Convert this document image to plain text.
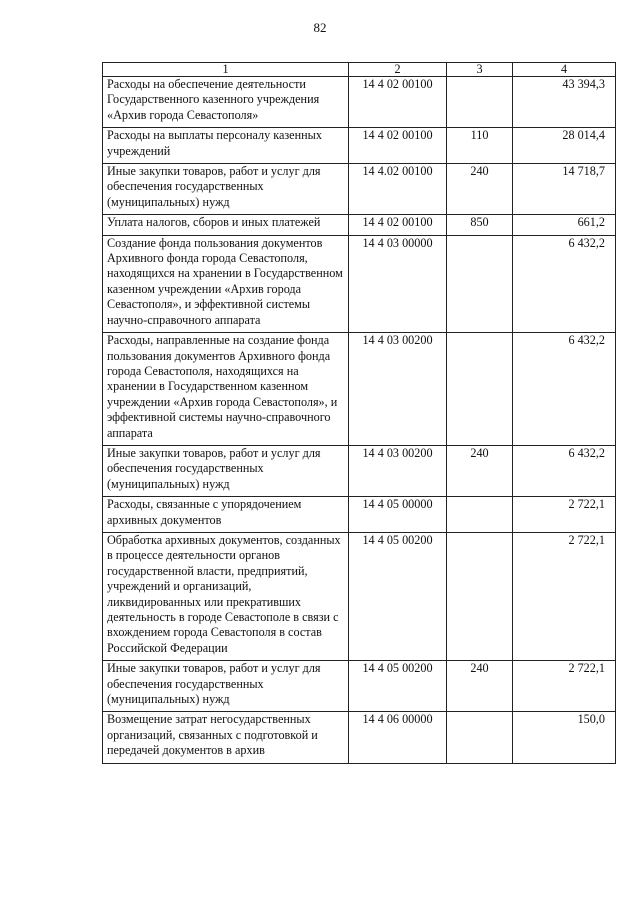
82
1	2	3	4
Расходы на обеспечение деятельности Государственного казенного учреждения «Архив города Севастополя»	14 4 02 00100		43 394,3
Расходы на выплаты персоналу казенных учреждений	14 4 02 00100	110	28 014,4
Иные закупки товаров, работ и услуг для обеспечения государственных (муниципальных) нужд	14 4.02 00100	240	14 718,7
Уплата налогов, сборов и иных платежей	14 4 02 00100	850	661,2
Создание фонда пользования документов Архивного фонда города Севастополя, находящихся на хранении в Государственном казенном учреждении «Архив города Севастополя», и эффективной системы научно-справочного аппарата	14 4 03 00000		6 432,2
Расходы, направленные на создание фонда пользования документов Архивного фонда города Севастополя, находящихся на хранении в Государственном казенном учреждении «Архив города Севастополя», и эффективной системы научно-справочного аппарата	14 4 03 00200		6 432,2
Иные закупки товаров, работ и услуг для обеспечения государственных (муниципальных) нужд	14 4 03 00200	240	6 432,2
Расходы, связанные с упорядочением архивных документов	14 4 05 00000		2 722,1
Обработка архивных документов, созданных в процессе деятельности органов государственной власти, предприятий, учреждений и организаций, ликвидированных или прекративших деятельность в городе Севастополе в связи с вхождением города Севастополя в состав Российской Федерации	14 4 05 00200		2 722,1
Иные закупки товаров, работ и услуг для обеспечения государственных (муниципальных) нужд	14 4 05 00200	240	2 722,1
Возмещение затрат негосударственных организаций, связанных с подготовкой и передачей документов в архив	14 4 06 00000		150,0
